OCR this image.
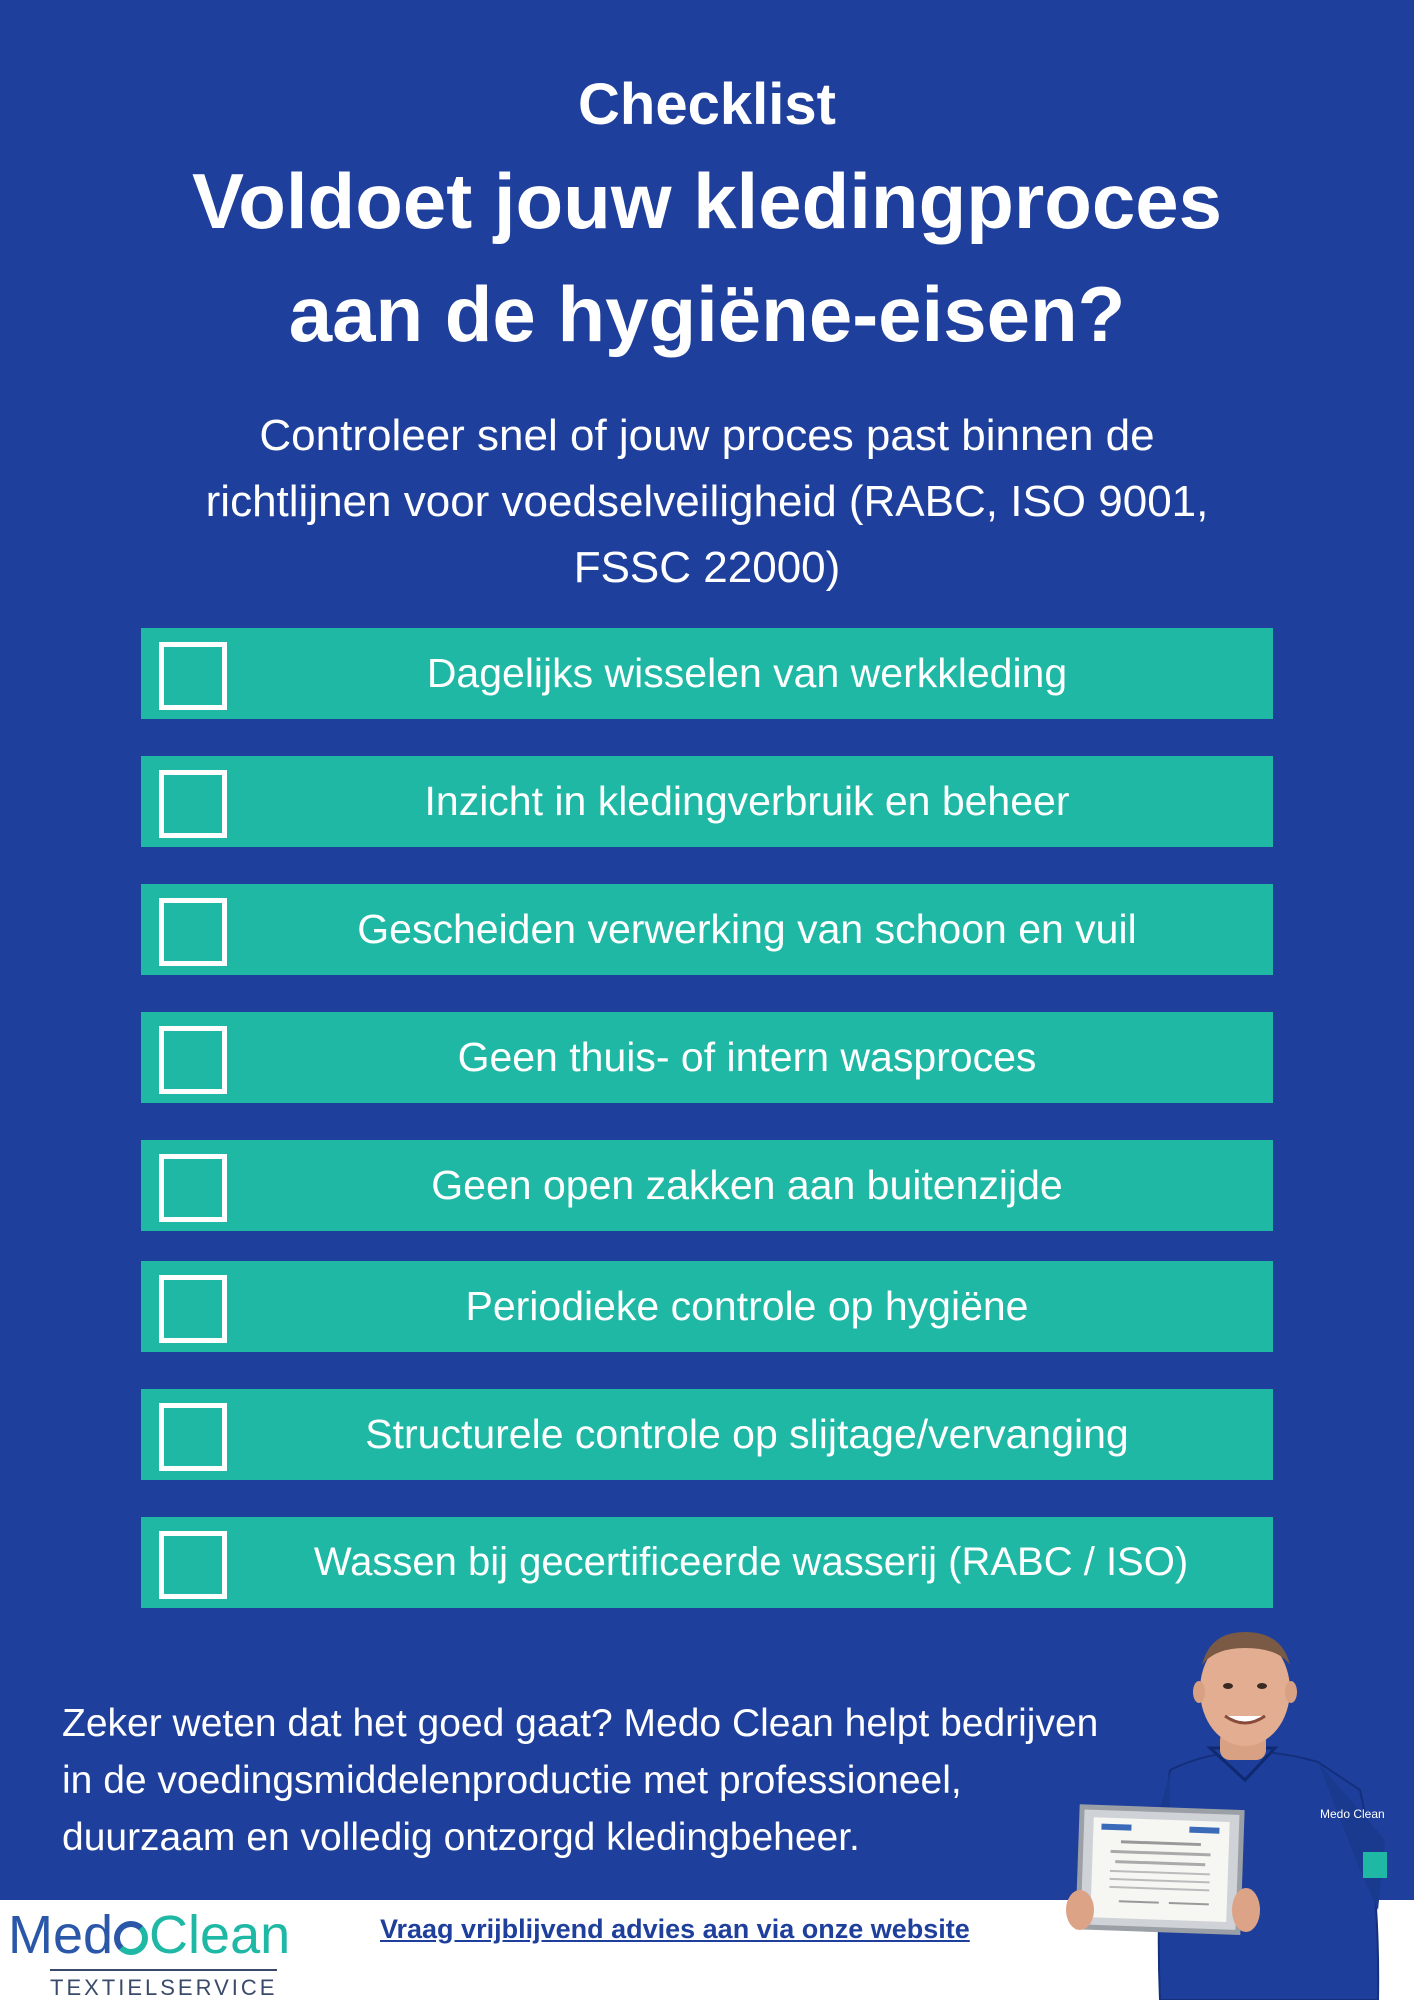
Checklist
Voldoet jouw kledingproces
aan de hygiëne-eisen?
Controleer snel of jouw proces past binnen de
richtlijnen voor voedselveiligheid (RABC, ISO 9001,
FSSC 22000)
Dagelijks wisselen van werkkleding
Inzicht in kledingverbruik en beheer
Gescheiden verwerking van schoon en vuil
Geen thuis- of intern wasproces
Geen open zakken aan buitenzijde
Periodieke controle op hygiëne
Structurele controle op slijtage/vervanging
Wassen bij gecertificeerde wasserij (RABC / ISO)
Zeker weten dat het goed gaat? Medo Clean helpt bedrijven
in de voedingsmiddelenproductie met professioneel,
duurzaam en volledig ontzorgd kledingbeheer.
Medo Clean
Med Clean
TEXTIELSERVICE
Vraag vrijblijvend advies aan via onze website
